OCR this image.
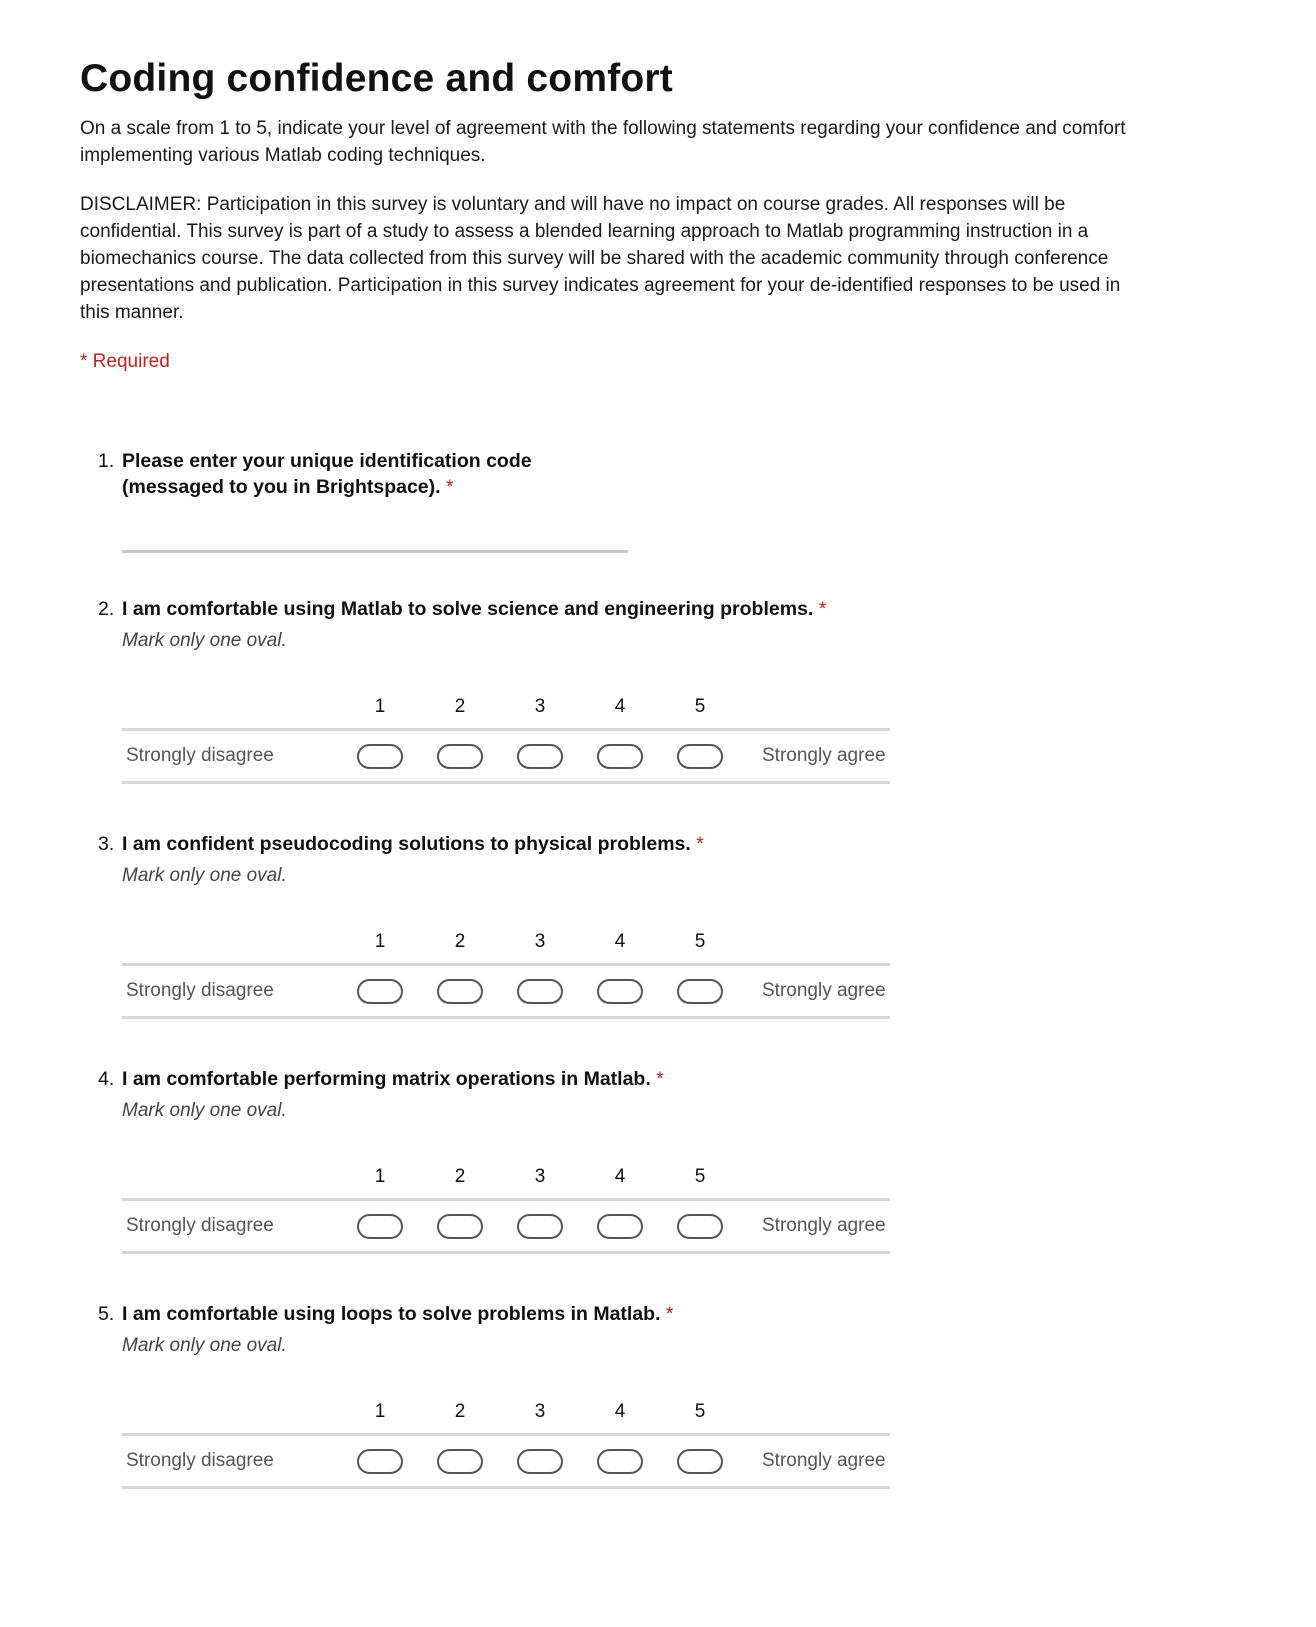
Coding confidence and comfort
On a scale from 1 to 5, indicate your level of agreement with the following statements regarding your confidence and comfort implementing various Matlab coding techniques.
DISCLAIMER: Participation in this survey is voluntary and will have no impact on course grades. All responses will be confidential. This survey is part of a study to assess a blended learning approach to Matlab programming instruction in a biomechanics course. The data collected from this survey will be shared with the academic community through conference presentations and publication. Participation in this survey indicates agreement for your de-identified responses to be used in this manner.
* Required
1. Please enter your unique identification code
(messaged to you in Brightspace). *
2. I am comfortable using Matlab to solve science and engineering problems. *
Mark only one oval.
1	2	3	4	5
Strongly disagree	Strongly agree
3. I am confident pseudocoding solutions to physical problems. *
Mark only one oval.
1	2	3	4	5
Strongly disagree	Strongly agree
4. I am comfortable performing matrix operations in Matlab. *
Mark only one oval.
1	2	3	4	5
Strongly disagree	Strongly agree
5. I am comfortable using loops to solve problems in Matlab. *
Mark only one oval.
1	2	3	4	5
Strongly disagree	Strongly agree
